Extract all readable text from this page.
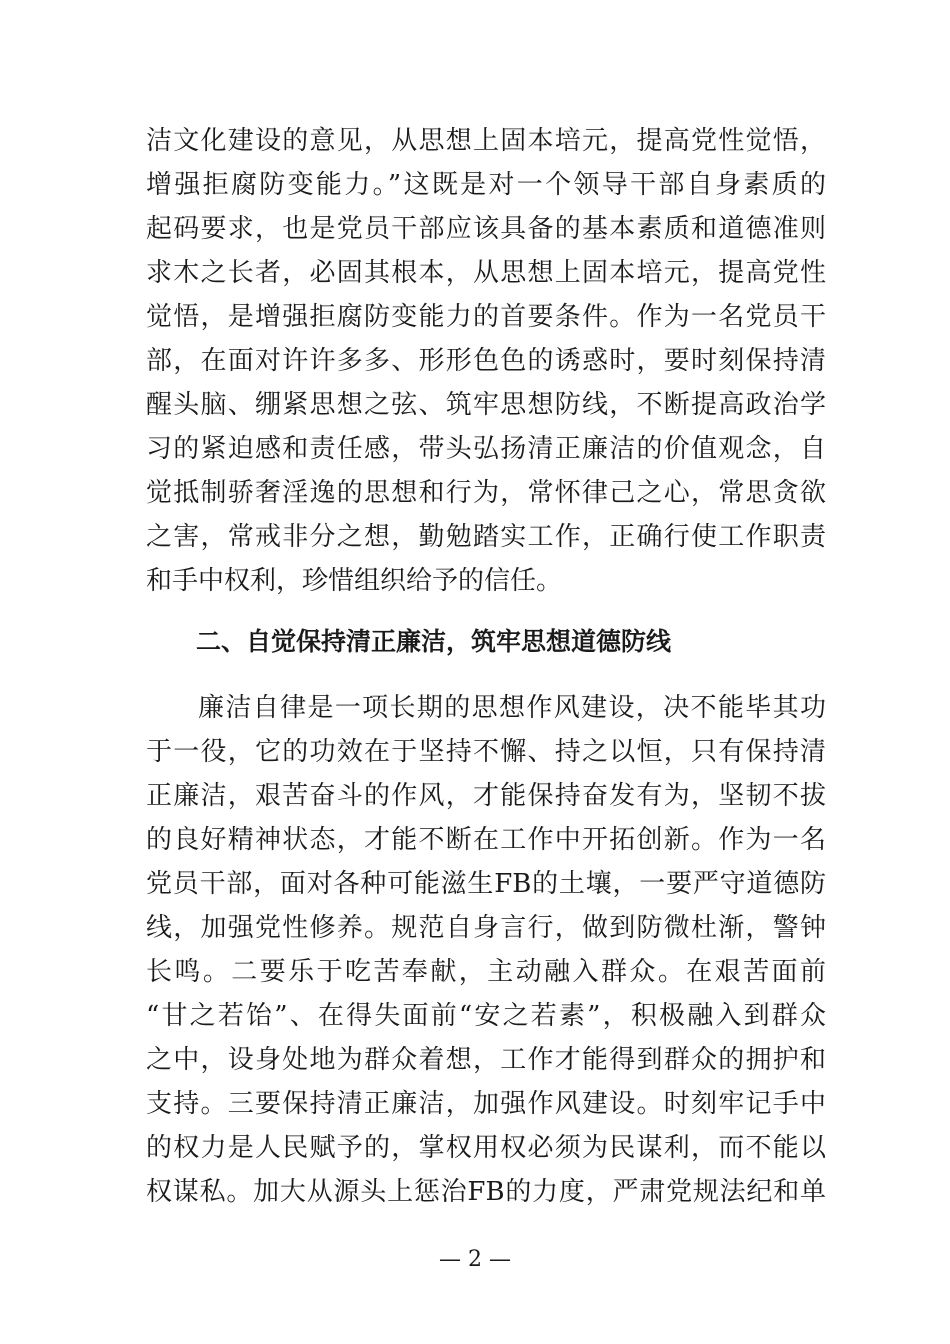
洁文化建设的意见，从思想上固本培元，提高党性觉悟，
增强拒腐防变能力。”这既是对一个领导干部自身素质的
起码要求，也是党员干部应该具备的基本素质和道德准则
求木之长者，必固其根本，从思想上固本培元，提高党性
觉悟，是增强拒腐防变能力的首要条件。作为一名党员干
部，在面对许许多多、形形色色的诱惑时，要时刻保持清
醒头脑、绷紧思想之弦、筑牢思想防线，不断提高政治学
习的紧迫感和责任感，带头弘扬清正廉洁的价值观念，自
觉抵制骄奢淫逸的思想和行为，常怀律己之心，常思贪欲
之害，常戒非分之想，勤勉踏实工作，正确行使工作职责
和手中权利，珍惜组织给予的信任。
二、自觉保持清正廉洁，筑牢思想道德防线
廉洁自律是一项长期的思想作风建设，决不能毕其功
于一役，它的功效在于坚持不懈、持之以恒，只有保持清
正廉洁，艰苦奋斗的作风，才能保持奋发有为，坚韧不拔
的良好精神状态，才能不断在工作中开拓创新。作为一名
党员干部，面对各种可能滋生FB的土壤，一要严守道德防
线，加强党性修养。规范自身言行，做到防微杜渐，警钟
长鸣。二要乐于吃苦奉献，主动融入群众。在艰苦面前
“甘之若饴”、在得失面前“安之若素”，积极融入到群众
之中，设身处地为群众着想，工作才能得到群众的拥护和
支持。三要保持清正廉洁，加强作风建设。时刻牢记手中
的权力是人民赋予的，掌权用权必须为民谋利，而不能以
权谋私。加大从源头上惩治FB的力度，严肃党规法纪和单
— 2 —
